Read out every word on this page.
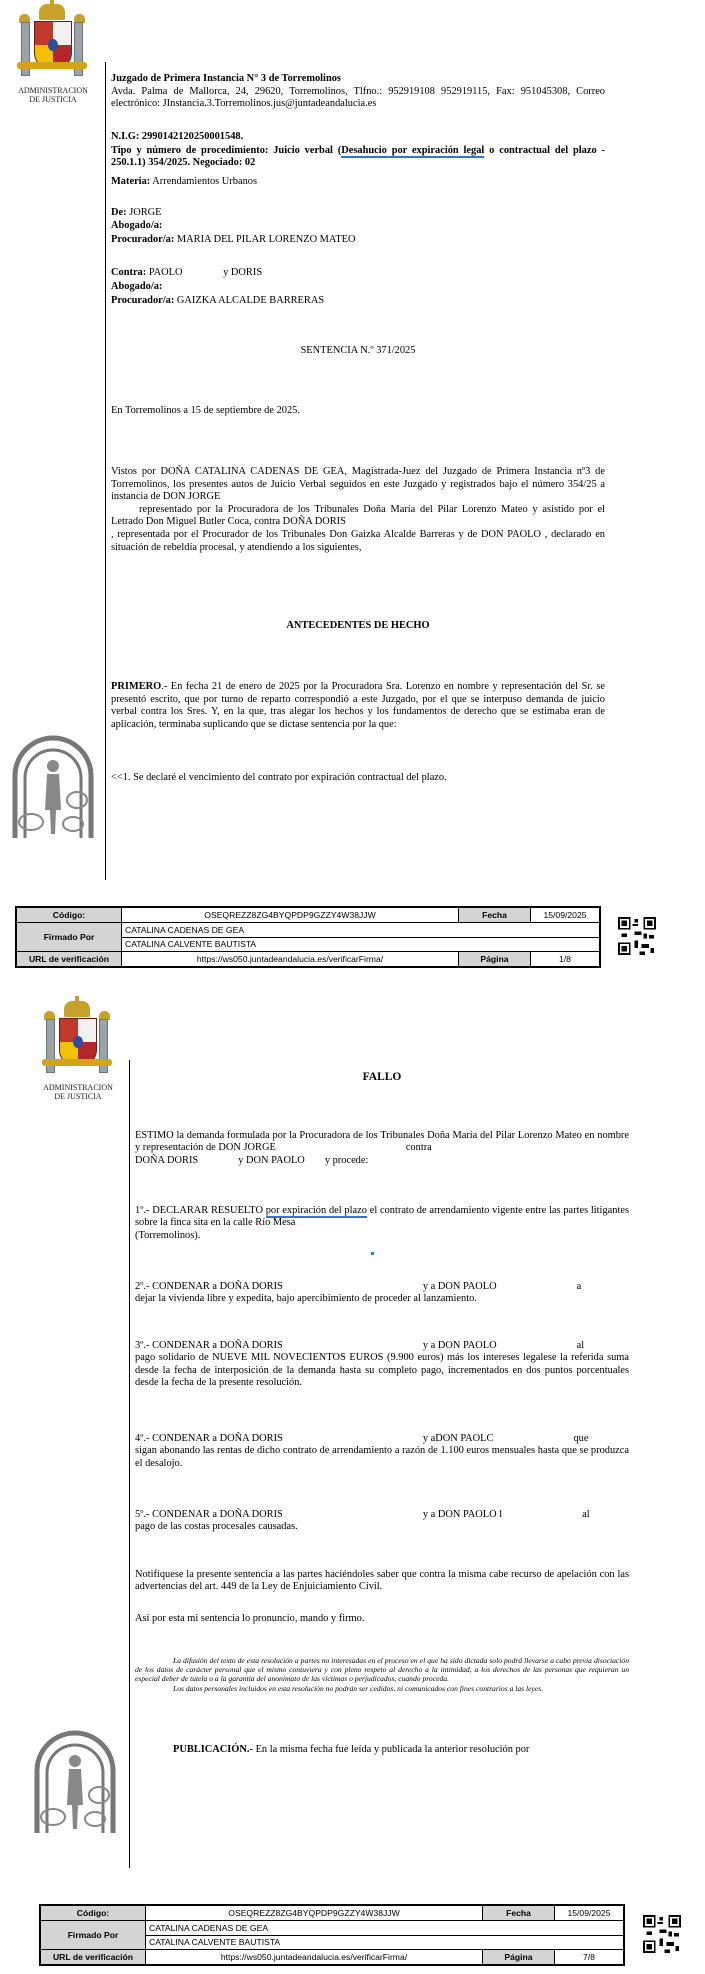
ADMINISTRACION
DE JUSTICIA
Juzgado de Primera Instancia N° 3 de Torremolinos
Avda. Palma de Mallorca, 24, 29620, Torremolinos, Tlfno.: 952919108 952919115, Fax: 951045308, Correo electrónico: JInstancia.3.Torremolinos.jus@juntadeandalucia.es
N.I.G: 2990142120250001548.
Tipo y número de procedimiento: Juicio verbal (Desahucio por expiración legal o contractual del plazo - 250.1.1) 354/2025. Negociado: 02
Materia: Arrendamientos Urbanos
De: JORGE
Abogado/a:
Procurador/a: MARIA DEL PILAR LORENZO MATEO
Contra: PAOLO	y DORIS
Abogado/a:
Procurador/a: GAIZKA ALCALDE BARRERAS
SENTENCIA N.º 371/2025
En Torremolinos a 15 de septiembre de 2025.
Vistos por DOÑA CATALINA CADENAS DE GEA, Magistrada-Juez del Juzgado de Primera Instancia nº3 de Torremolinos, los presentes autos de Juicio Verbal seguidos en este Juzgado y registrados bajo el número 354/25 a instancia de DON JORGE
representado por la Procuradora de los Tribunales Doña María del Pilar Lorenzo Mateo y asistido por el Letrado Don Miguel Butler Coca, contra DOÑA DORIS
, representada por el Procurador de los Tribunales Don Gaizka Alcalde Barreras y de DON PAOLO , declarado en situación de rebeldía procesal, y atendiendo a los siguientes,
ANTECEDENTES DE HECHO
PRIMERO.- En fecha 21 de enero de 2025 por la Procuradora Sra. Lorenzo en nombre y representación del Sr. se presentó escrito, que por turno de reparto correspondió a este Juzgado, por el que se interpuso demanda de juicio verbal contra los Sres. Y, en la que, tras alegar los hechos y los fundamentos de derecho que se estimaba eran de aplicación, terminaba suplicando que se dictase sentencia por la que:
<<1. Se declaré el vencimiento del contrato por expiración contractual del plazo.
Código:	OSEQREZZ8ZG4BYQPDP9GZZY4W38JJW	Fecha	15/09/2025
Firmado Por	CATALINA CADENAS DE GEA		
	CATALINA CALVENTE BAUTISTA		
URL de verificación	https://ws050.juntadeandalucia.es/verificarFirma/	Página	1/8
ADMINISTRACION
DE JUSTICIA
FALLO
ESTIMO la demanda formulada por la Procuradora de los Tribunales Doña María del Pilar Lorenzo Mateo en nombre y representación de DON JORGE	contra
DOÑA DORIS	y DON PAOLO y procede:
1º.- DECLARAR RESUELTO por expiración del plazo el contrato de arrendamiento vigente entre las partes litigantes sobre la finca sita en la calle Río Mesa
(Torremolinos).
2º.- CONDENAR a DOÑA DORIS	y a DON PAOLO	a
dejar la vivienda libre y expedita, bajo apercibimiento de proceder al lanzamiento.
3º.- CONDENAR a DOÑA DORIS	y a DON PAOLO	al
pago solidario de NUEVE MIL NOVECIENTOS EUROS (9.900 euros) más los intereses legalese la referida suma desde la fecha de interposición de la demanda hasta su completo pago, incrementados en dos puntos porcentuales desde la fecha de la presente resolución.
4º.- CONDENAR a DOÑA DORIS	y aDON PAOLC	que
sigan abonando las rentas de dicho contrato de arrendamiento a razón de 1.100 euros mensuales hasta que se produzca el desalojo.
5º.- CONDENAR a DOÑA DORIS	y a DON PAOLO l	al
pago de las costas procesales causadas.
Notifíquese la presente sentencia a las partes haciéndoles saber que contra la misma cabe recurso de apelación con las advertencias del art. 449 de la Ley de Enjuiciamiento Civil.
Así por esta mi sentencia lo pronuncio, mando y firmo.
La difusión del texto de esta resolución a partes no interesadas en el proceso en el que ha sido dictada solo podrá llevarse a cabo previa disociación de los datos de carácter personal que el mismo contuviera y con pleno respeto al derecho a la intimidad, a los derechos de las personas que requieran un especial deber de tutela o a la garantía del anonimato de las víctimas o perjudicados, cuando proceda.
Los datos personales incluidos en esta resolución no podrán ser cedidos, ni comunicados con fines contrarios a las leyes.
PUBLICACIÓN.- En la misma fecha fue leída y publicada la anterior resolución por
Código:	OSEQREZZ8ZG4BYQPDP9GZZY4W38JJW	Fecha	15/09/2025
Firmado Por	CATALINA CADENAS DE GEA		
	CATALINA CALVENTE BAUTISTA		
URL de verificación	https://ws050.juntadeandalucia.es/verificarFirma/	Página	7/8
